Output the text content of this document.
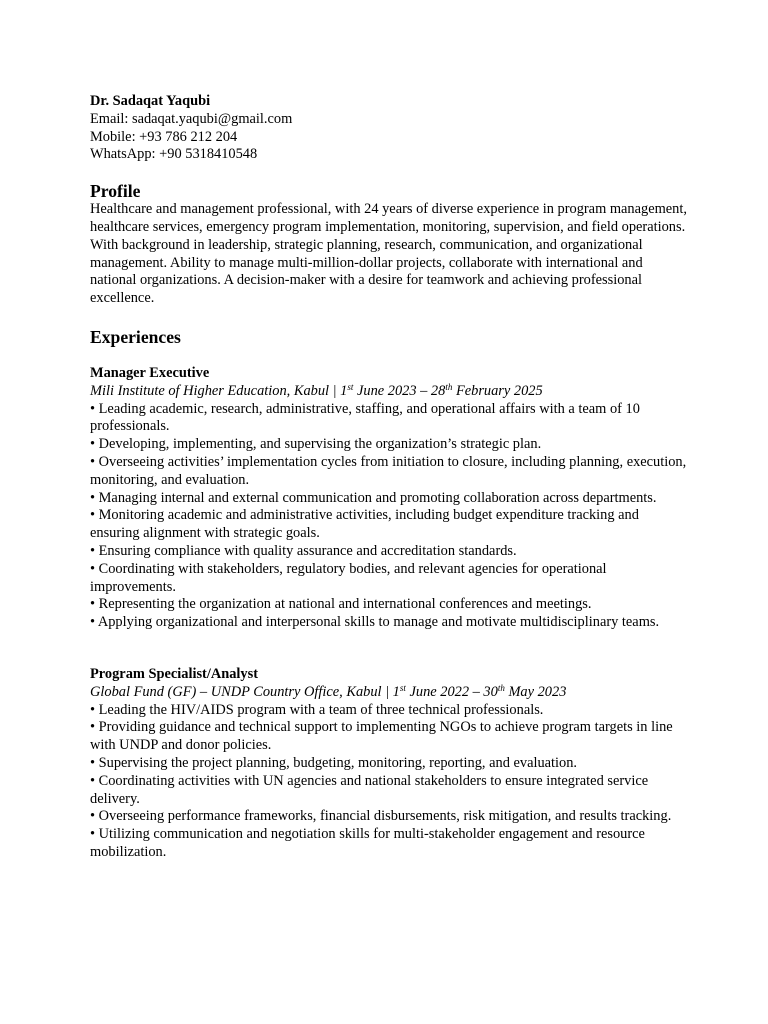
Dr. Sadaqat Yaqubi

Email: sadaqat.yaqubi@gmail.com

Mobile: +93 786 212 204

WhatsApp: +90 5318410548

Profile

Healthcare and management professional, with 24 years of diverse experience in program management, healthcare services, emergency program implementation, monitoring, supervision, and field operations. With background in leadership, strategic planning, research, communication, and organizational management. Ability to manage multi-million-dollar projects, collaborate with international and national organizations. A decision-maker with a desire for teamwork and achieving professional excellence.

Experiences

Manager Executive

Mili Institute of Higher Education, Kabul | 1st June 2023 – 28th February 2025

• Leading academic, research, administrative, staffing, and operational affairs with a team of 10 professionals.
• Developing, implementing, and supervising the organization’s strategic plan.
• Overseeing activities’ implementation cycles from initiation to closure, including planning, execution, monitoring, and evaluation.
• Managing internal and external communication and promoting collaboration across departments.
• Monitoring academic and administrative activities, including budget expenditure tracking and ensuring alignment with strategic goals.
• Ensuring compliance with quality assurance and accreditation standards.
• Coordinating with stakeholders, regulatory bodies, and relevant agencies for operational improvements.
• Representing the organization at national and international conferences and meetings.
• Applying organizational and interpersonal skills to manage and motivate multidisciplinary teams.

Program Specialist/Analyst

Global Fund (GF) – UNDP Country Office, Kabul | 1st June 2022 – 30th May 2023

• Leading the HIV/AIDS program with a team of three technical professionals.
• Providing guidance and technical support to implementing NGOs to achieve program targets in line with UNDP and donor policies.
• Supervising the project planning, budgeting, monitoring, reporting, and evaluation.
• Coordinating activities with UN agencies and national stakeholders to ensure integrated service delivery.
• Overseeing performance frameworks, financial disbursements, risk mitigation, and results tracking.
• Utilizing communication and negotiation skills for multi-stakeholder engagement and resource mobilization.
